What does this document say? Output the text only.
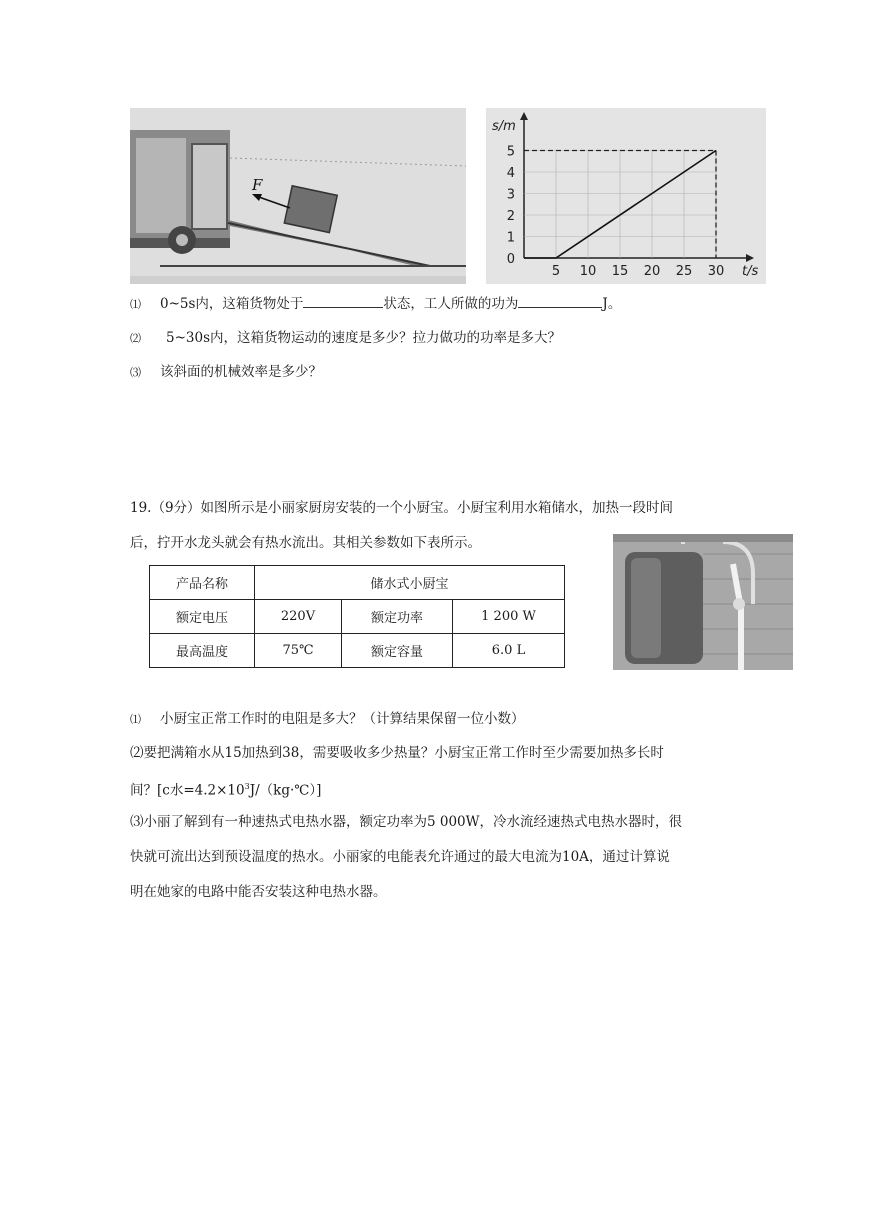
F
5 10 15 20 25 30
0
1
2
3
4
5
s/m
t/s
⑴ 0~5s内，这箱货物处于	状态，工人所做的功为	J。
⑵ 5~30s内，这箱货物运动的速度是多少？拉力做功的功率是多大？
⑶ 该斜面的机械效率是多少？
19.（9分）如图所示是小丽家厨房安装的一个小厨宝。小厨宝利用水箱储水，加热一段时间
后，拧开水龙头就会有热水流出。其相关参数如下表所示。
产品名称	储水式小厨宝		
额定电压	220V	额定功率	1 200 W
最高温度	75℃	额定容量	6.0 L
⑴ 小厨宝正常工作时的电阻是多大？（计算结果保留一位小数）
⑵要把满箱水从15加热到38，需要吸收多少热量？小厨宝正常工作时至少需要加热多长时
间？[c水$=4.2\times 10^3J/(kg\cdot℃)$]
⑶小丽了解到有一种速热式电热水器，额定功率为5 000W，冷水流经速热式电热水器时，很
快就可流出达到预设温度的热水。小丽家的电能表允许通过的最大电流为10A，通过计算说
明在她家的电路中能否安装这种电热水器。
